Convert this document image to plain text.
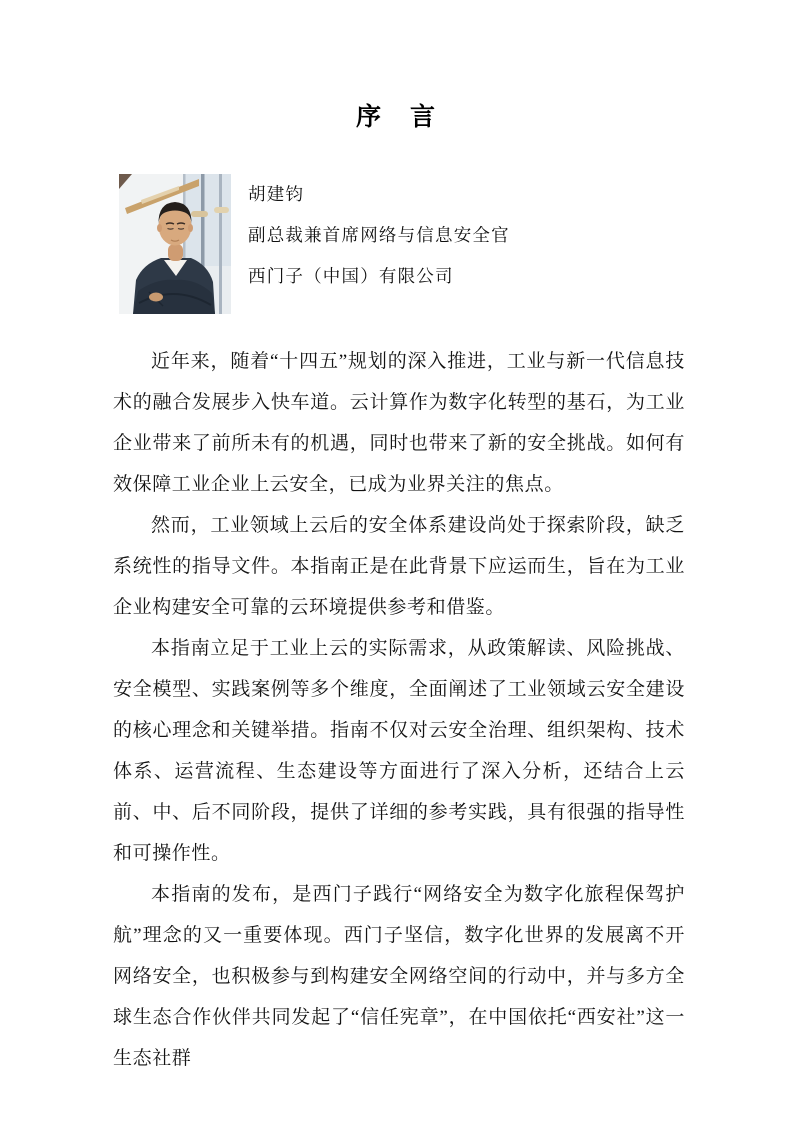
序　言
胡建钧
副总裁兼首席网络与信息安全官
西门子（中国）有限公司

近年来，随着“十四五”规划的深入推进，工业与新一代信息技术的融合发展步入快车道。云计算作为数字化转型的基石，为工业企业带来了前所未有的机遇，同时也带来了新的安全挑战。如何有效保障工业企业上云安全，已成为业界关注的焦点。

然而，工业领域上云后的安全体系建设尚处于探索阶段，缺乏系统性的指导文件。本指南正是在此背景下应运而生，旨在为工业企业构建安全可靠的云环境提供参考和借鉴。

本指南立足于工业上云的实际需求，从政策解读、风险挑战、安全模型、实践案例等多个维度，全面阐述了工业领域云安全建设的核心理念和关键举措。指南不仅对云安全治理、组织架构、技术体系、运营流程、生态建设等方面进行了深入分析，还结合上云前、中、后不同阶段，提供了详细的参考实践，具有很强的指导性和可操作性。

本指南的发布，是西门子践行“网络安全为数字化旅程保驾护航”理念的又一重要体现。西门子坚信，数字化世界的发展离不开网络安全，也积极参与到构建安全网络空间的行动中，并与多方全球生态合作伙伴共同发起了“信任宪章”，在中国依托“西安社”这一生态社群
